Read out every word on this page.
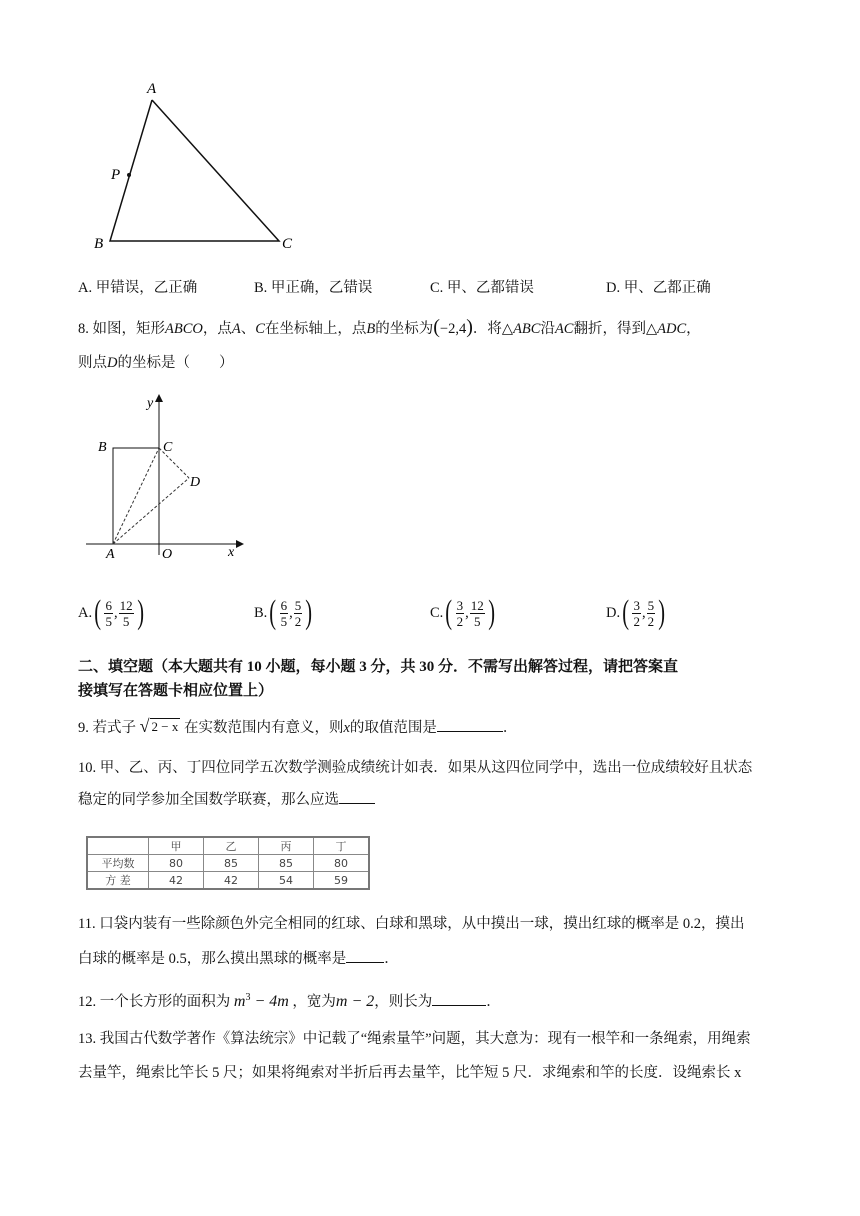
A
P
B	C
A. 甲错误，乙正确	B. 甲正确，乙错误	C. 甲、乙都错误	D. 甲、乙都正确
8. 如图，矩形ABCO，点A、C在坐标轴上，点B的坐标为(−2,4)．将△ABC沿AC翻折，得到△ADC，
则点D的坐标是（　　）
y
B	C
D
A	O	x
A. ( $\frac{6}{5}$ , $\frac{12}{5}$ )	B. ( $\frac{6}{5}$ , $\frac{5}{2}$ )	C. ( $\frac{3}{2}$ , $\frac{12}{5}$ )	D. ( $\frac{3}{2}$ , $\frac{5}{2}$ )
二、填空题（本大题共有 10 小题，每小题 3 分，共 30 分．不需写出解答过程，请把答案直
接填写在答题卡相应位置上）
9. 若式子 √ 2 − x 在实数范围内有意义，则x的取值范围是	．
10. 甲、乙、丙、丁四位同学五次数学测验成绩统计如表．如果从这四位同学中，选出一位成绩较好且状态
稳定的同学参加全国数学联赛，那么应选
	甲	乙	丙	丁
平均数	80	85	85	80
方 差	42	42	54	59
11. 口袋内装有一些除颜色外完全相同的红球、白球和黑球，从中摸出一球，摸出红球的概率是 0.2，摸出
白球的概率是 0.5，那么摸出黑球的概率是	．
12. 一个长方形的面积为 $m^3 - 4m$ ，宽为m − 2，则长为	．
13. 我国古代数学著作《算法统宗》中记载了“绳索量竿”问题，其大意为：现有一根竿和一条绳索，用绳索
去量竿，绳索比竿长 5 尺；如果将绳索对半折后再去量竿，比竿短 5 尺．求绳索和竿的长度．设绳索长 x
